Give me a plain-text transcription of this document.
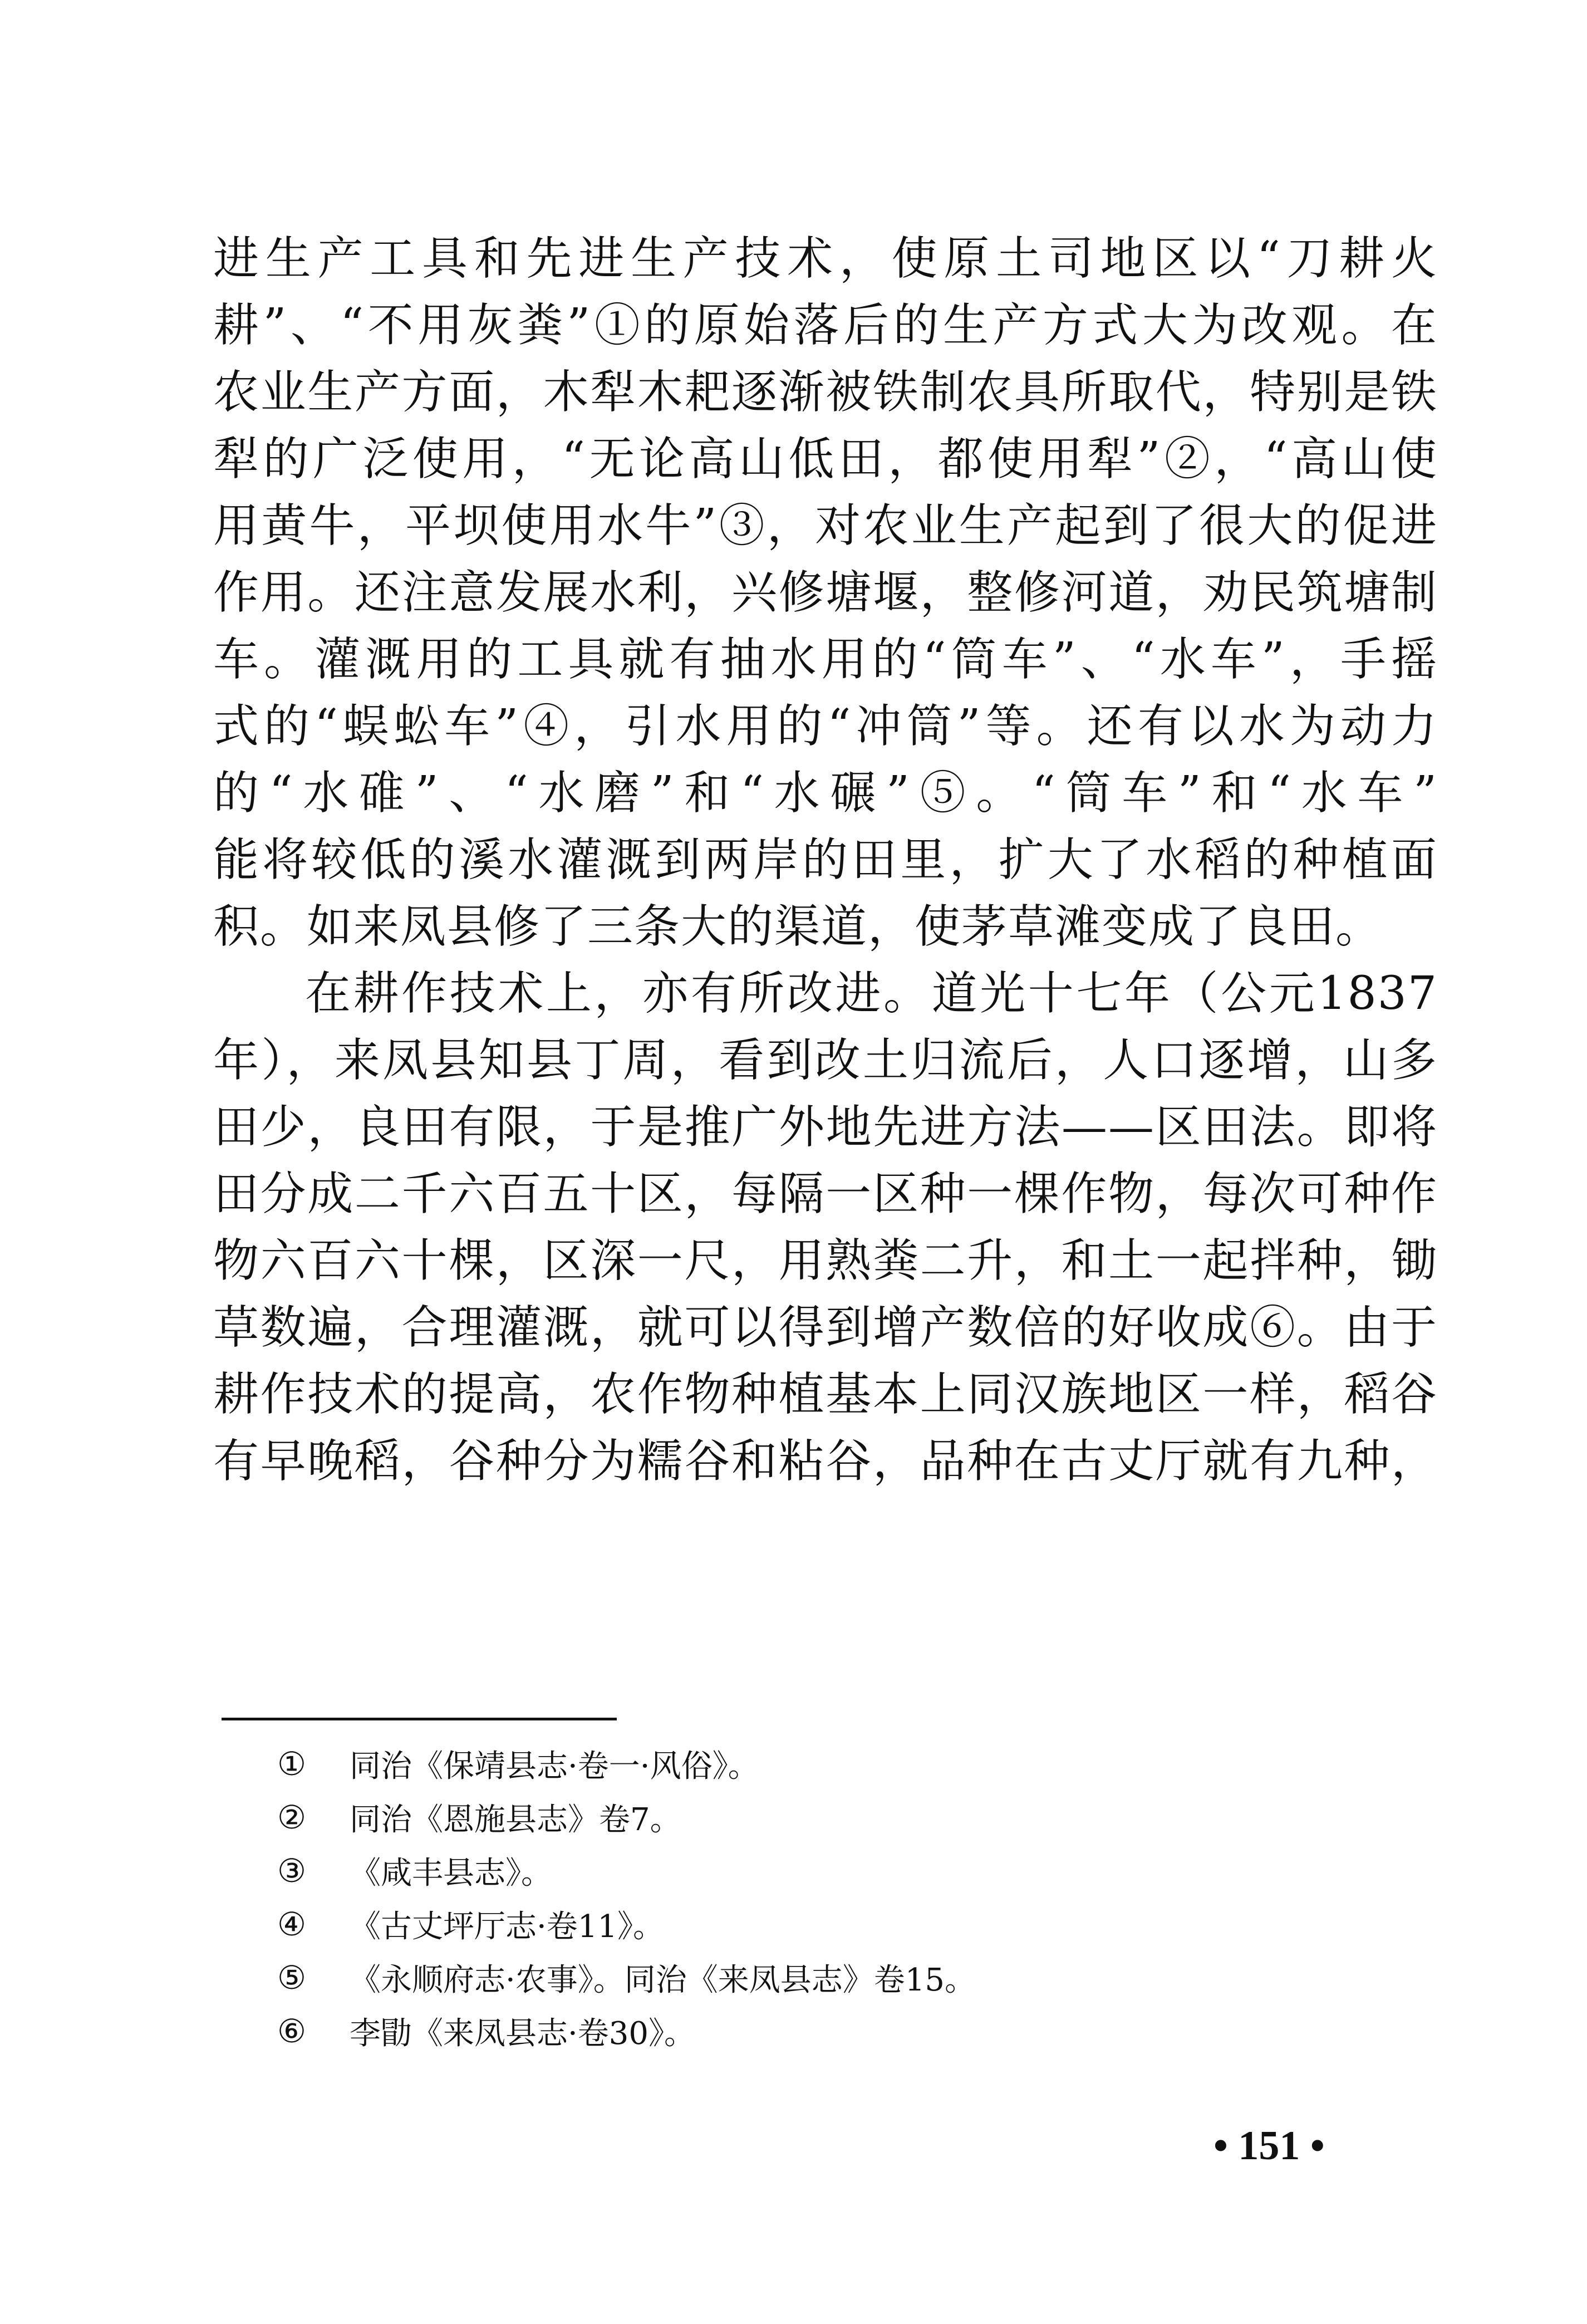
进生产工具和先进生产技术，使原土司地区以“刀耕火
耕”、“不用灰粪”①的原始落后的生产方式大为改观。在
农业生产方面，木犁木耙逐渐被铁制农具所取代，特别是铁
犁的广泛使用，“无论高山低田，都使用犁”②，“高山使
用黄牛，平坝使用水牛”③，对农业生产起到了很大的促进
作用。还注意发展水利，兴修塘堰，整修河道，劝民筑塘制
车。灌溉用的工具就有抽水用的“筒车”、“水车”，手摇
式的“蜈蚣车”④，引水用的“冲筒”等。还有以水为动力
的“水碓”、“水磨”和“水碾”⑤。“筒车”和“水车”
能将较低的溪水灌溉到两岸的田里，扩大了水稻的种植面
积。如来凤县修了三条大的渠道，使茅草滩变成了良田。
在耕作技术上，亦有所改进。道光十七年（公元1837
年），来凤县知县丁周，看到改土归流后，人口逐增，山多
田少，良田有限，于是推广外地先进方法——区田法。即将
田分成二千六百五十区，每隔一区种一棵作物，每次可种作
物六百六十棵，区深一尺，用熟粪二升，和土一起拌种，锄
草数遍，合理灌溉，就可以得到增产数倍的好收成⑥。由于
耕作技术的提高，农作物种植基本上同汉族地区一样，稻谷
有早晚稻，谷种分为糯谷和粘谷，品种在古丈厅就有九种，
①	同治《保靖县志·卷一·风俗》。
②	同治《恩施县志》卷7。
③	《咸丰县志》。
④	《古丈坪厅志·卷11》。
⑤	《永顺府志·农事》。同治《来凤县志》卷15。
⑥	李勖《来凤县志·卷30》。
• 151 •
